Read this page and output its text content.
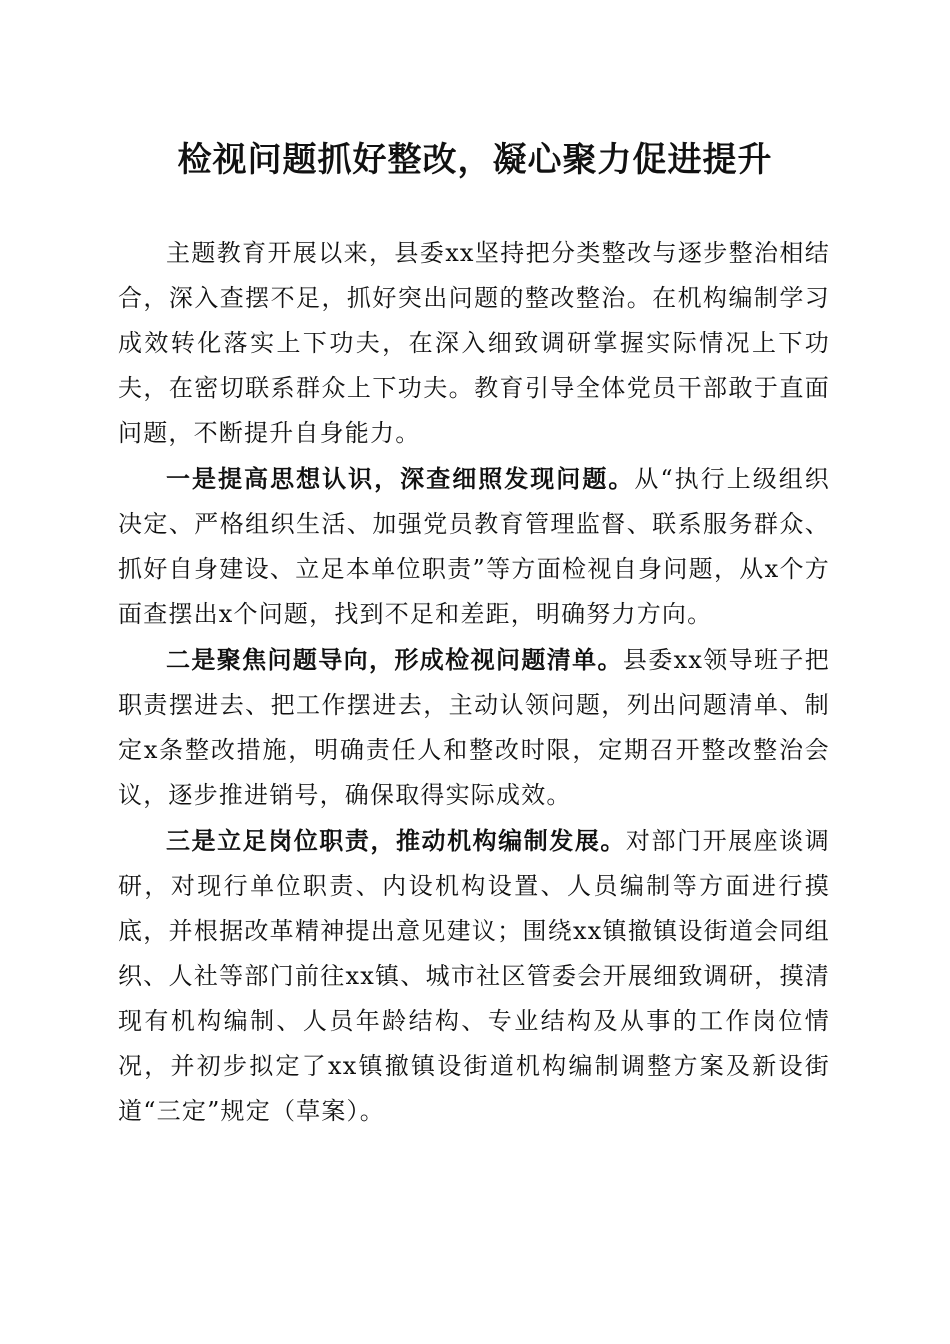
检视问题抓好整改，凝心聚力促进提升

主题教育开展以来，县委xx坚持把分类整改与逐步整治相结合，深入查摆不足，抓好突出问题的整改整治。在机构编制学习成效转化落实上下功夫，在深入细致调研掌握实际情况上下功夫，在密切联系群众上下功夫。教育引导全体党员干部敢于直面问题，不断提升自身能力。

一是提高思想认识，深查细照发现问题。从“执行上级组织决定、严格组织生活、加强党员教育管理监督、联系服务群众、抓好自身建设、立足本单位职责”等方面检视自身问题，从x个方面查摆出x个问题，找到不足和差距，明确努力方向。

二是聚焦问题导向，形成检视问题清单。县委xx领导班子把职责摆进去、把工作摆进去，主动认领问题，列出问题清单、制定x条整改措施，明确责任人和整改时限，定期召开整改整治会议，逐步推进销号，确保取得实际成效。

三是立足岗位职责，推动机构编制发展。对部门开展座谈调研，对现行单位职责、内设机构设置、人员编制等方面进行摸底，并根据改革精神提出意见建议；围绕xx镇撤镇设街道会同组织、人社等部门前往xx镇、城市社区管委会开展细致调研，摸清现有机构编制、人员年龄结构、专业结构及从事的工作岗位情况，并初步拟定了xx镇撤镇设街道机构编制调整方案及新设街道“三定”规定（草案）。
